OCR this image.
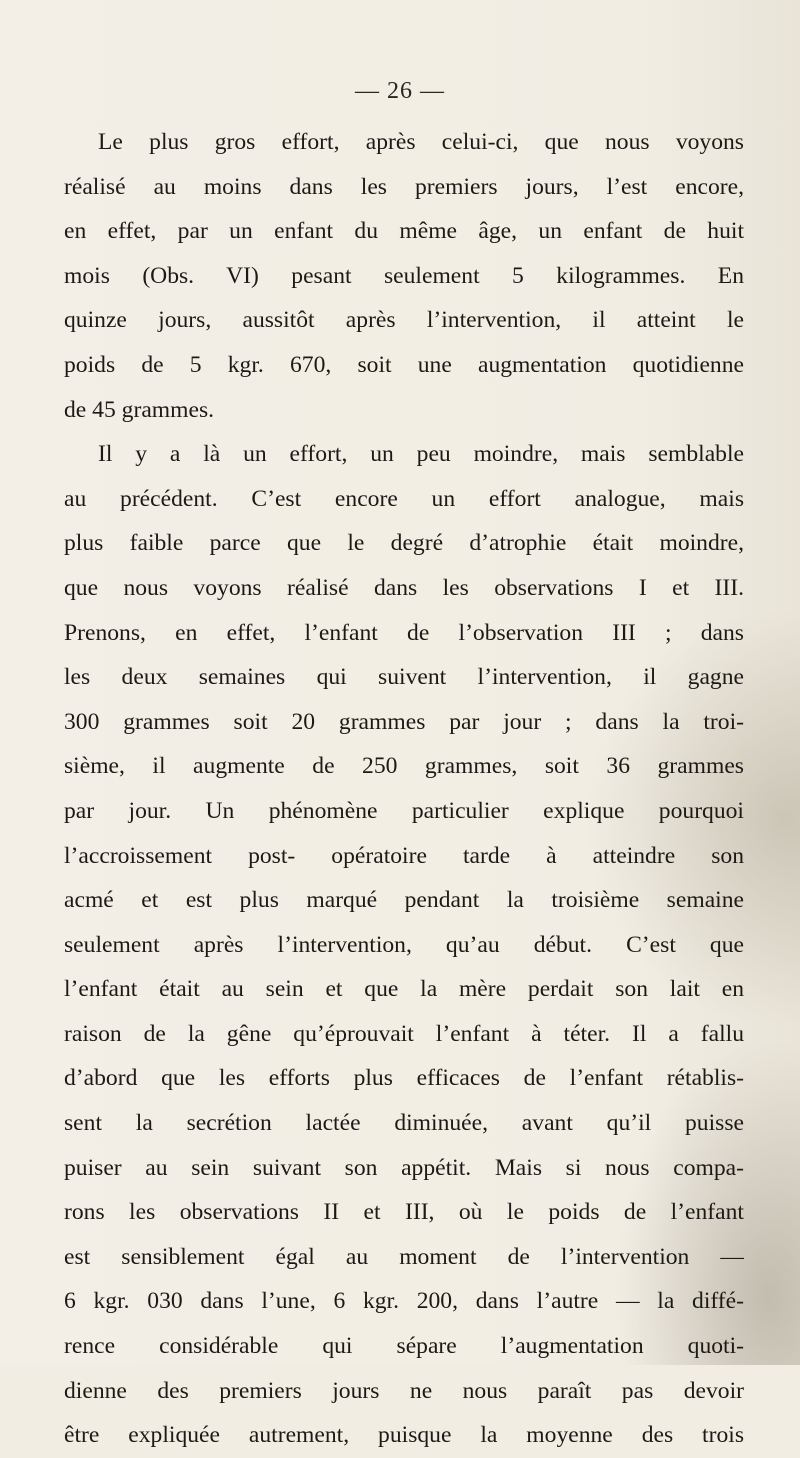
— 26 —
Le plus gros effort, après celui-ci, que nous voyons
réalisé au moins dans les premiers jours, l’est encore,
en effet, par un enfant du même âge, un enfant de huit
mois (Obs. VI) pesant seulement 5 kilogrammes. En
quinze jours, aussitôt après l’intervention, il atteint le
poids de 5 kgr. 670, soit une augmentation quotidienne
de 45 grammes.
Il y a là un effort, un peu moindre, mais semblable
au précédent. C’est encore un effort analogue, mais
plus faible parce que le degré d’atrophie était moindre,
que nous voyons réalisé dans les observations I et III.
Prenons, en effet, l’enfant de l’observation III ; dans
les deux semaines qui suivent l’intervention, il gagne
300 grammes soit 20 grammes par jour ; dans la troi-
sième, il augmente de 250 grammes, soit 36 grammes
par jour. Un phénomène particulier explique pourquoi
l’accroissement post- opératoire tarde à atteindre son
acmé et est plus marqué pendant la troisième semaine
seulement après l’intervention, qu’au début. C’est que
l’enfant était au sein et que la mère perdait son lait en
raison de la gêne qu’éprouvait l’enfant à téter. Il a fallu
d’abord que les efforts plus efficaces de l’enfant rétablis-
sent la secrétion lactée diminuée, avant qu’il puisse
puiser au sein suivant son appétit. Mais si nous compa-
rons les observations II et III, où le poids de l’enfant
est sensiblement égal au moment de l’intervention —
6 kgr. 030 dans l’une, 6 kgr. 200, dans l’autre — la diffé-
rence considérable qui sépare l’augmentation quoti-
dienne des premiers jours ne nous paraît pas devoir
être expliquée autrement, puisque la moyenne des trois
